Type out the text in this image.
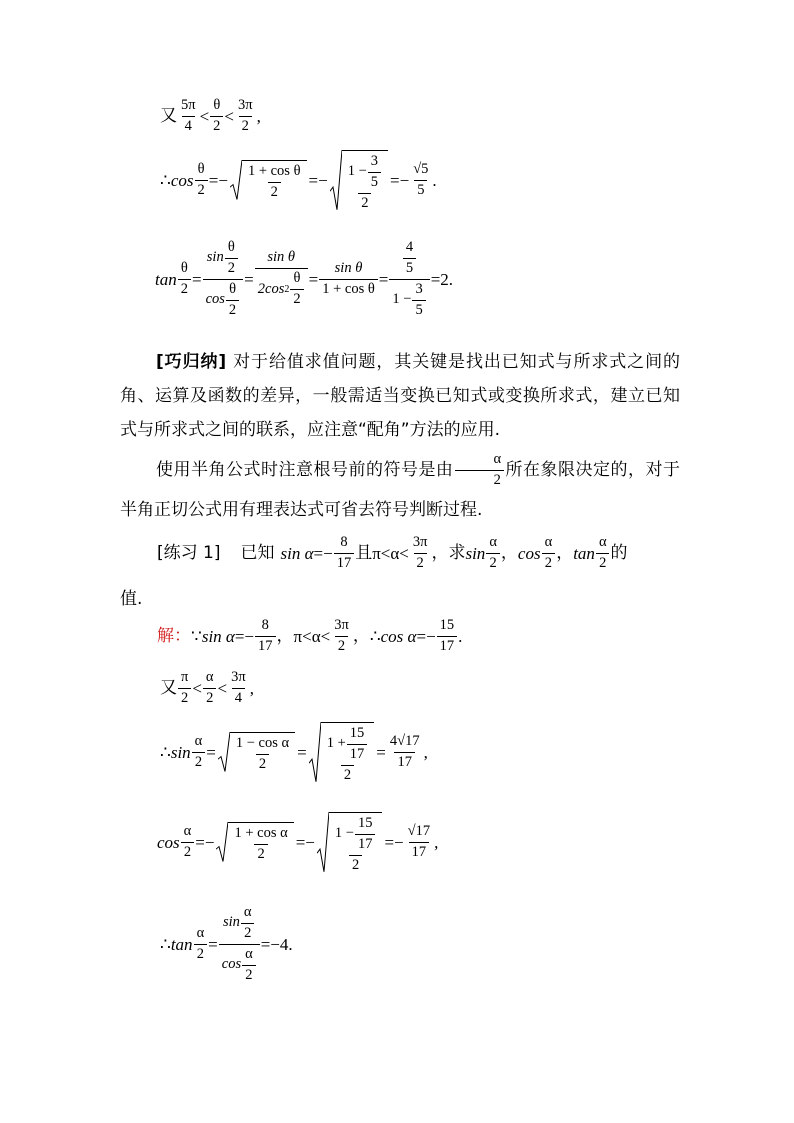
又 $\frac{5\pi}{4} < \frac{\theta}{2} < \frac{3\pi}{2}$ ,
∴ $\cos \frac{\theta}{2} =- \frac{\text{1 + cos θ}}{2} =- \frac{1 - \frac{3}{5}}{2} =- \frac{√5}{5}$ .
$\tan \frac{\theta}{2} = \frac{\sin \frac{\theta}{2}}{\cos \frac{\theta}{2}} = \frac{\text{sin θ}}{2\cos 2 \frac{\theta}{2}} = \frac{\text{sin θ}}{\text{1 + cos θ}} = \frac{\frac{4}{5}}{1 - \frac{3}{5}} =2$.
[巧归纳] 对于给值求值问题，其关键是找出已知式与所求式之间的角、运算及函数的差异，一般需适当变换已知式或变换所求式，建立已知式与所求式之间的联系，应注意“配角”方法的应用.
使用半角公式时注意根号前的符号是由 $\frac{\alpha}{2}$ 所在象限决定的，对于半角正切公式用有理表达式可省去符号判断过程.
[练习 1] 已知 $\sin \alpha =- \frac{8}{17}$ 且 $\pi < \alpha < \frac{3\pi}{2}$ ，求 $\sin \frac{\alpha}{2}$ ， $\cos \frac{\alpha}{2}$ ， $\tan \frac{\alpha}{2}$ 的
值.
解： ∵ $\sin \alpha =- \frac{8}{17}$ ， $\pi < \alpha < \frac{3\pi}{2}$ ， ∴ $\cos \alpha =- \frac{15}{17}$ .
又 $\frac{\pi}{2} < \frac{\alpha}{2} < \frac{3\pi}{4}$ ,
∴ $\sin \frac{\alpha}{2} = \frac{\text{1 − cos α}}{2} = \frac{1 + \frac{15}{17}}{2} = \frac{4√17}{17}$ ,
$\cos \frac{\alpha}{2} =- \frac{\text{1 + cos α}}{2} =- \frac{1 - \frac{15}{17}}{2} =- \frac{√17}{17}$ ,
∴ $\tan \frac{\alpha}{2} = \frac{\sin \frac{\alpha}{2}}{\cos \frac{\alpha}{2}} =-4$.
